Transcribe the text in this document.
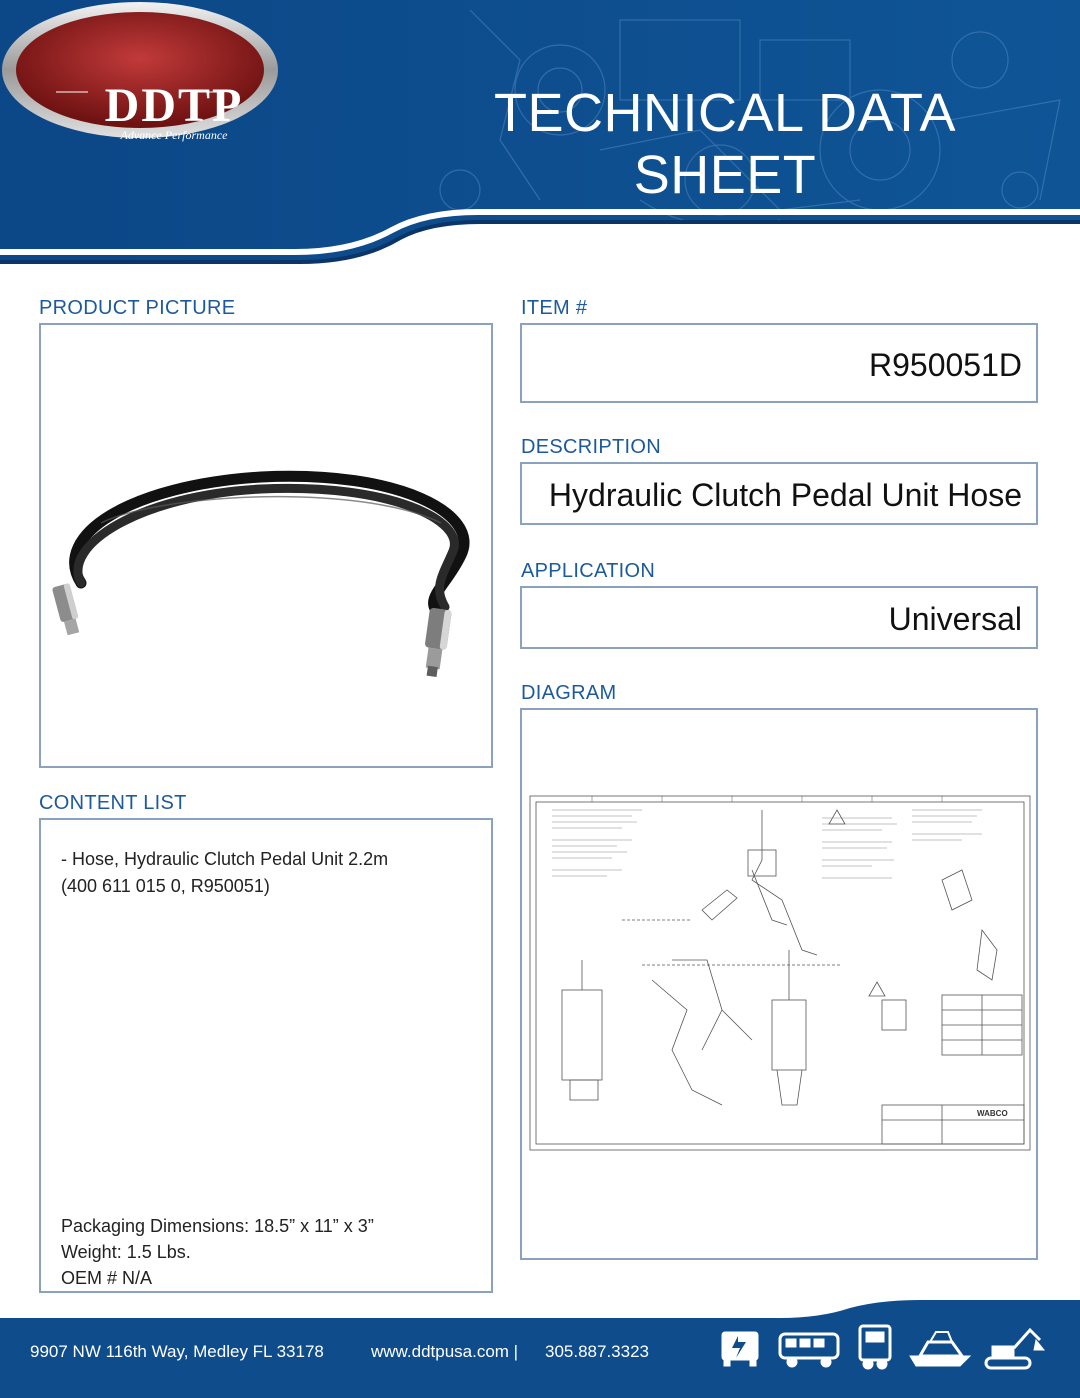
DDTP
Advance Performance	TECHNICAL DATA SHEET
PRODUCT PICTURE	ITEM #
R950051D
DESCRIPTION
Hydraulic Clutch Pedal Unit Hose
APPLICATION
Universal
DIAGRAM
WABCO
CONTENT LIST
- Hose, Hydraulic Clutch Pedal Unit 2.2m
(400 611 015 0, R950051)
Packaging Dimensions: 18.5” x 11” x 3”
Weight: 1.5 Lbs.
OEM # N/A
9907 NW 116th Way, Medley FL 33178	www.ddtpusa.com | 305.887.3323
